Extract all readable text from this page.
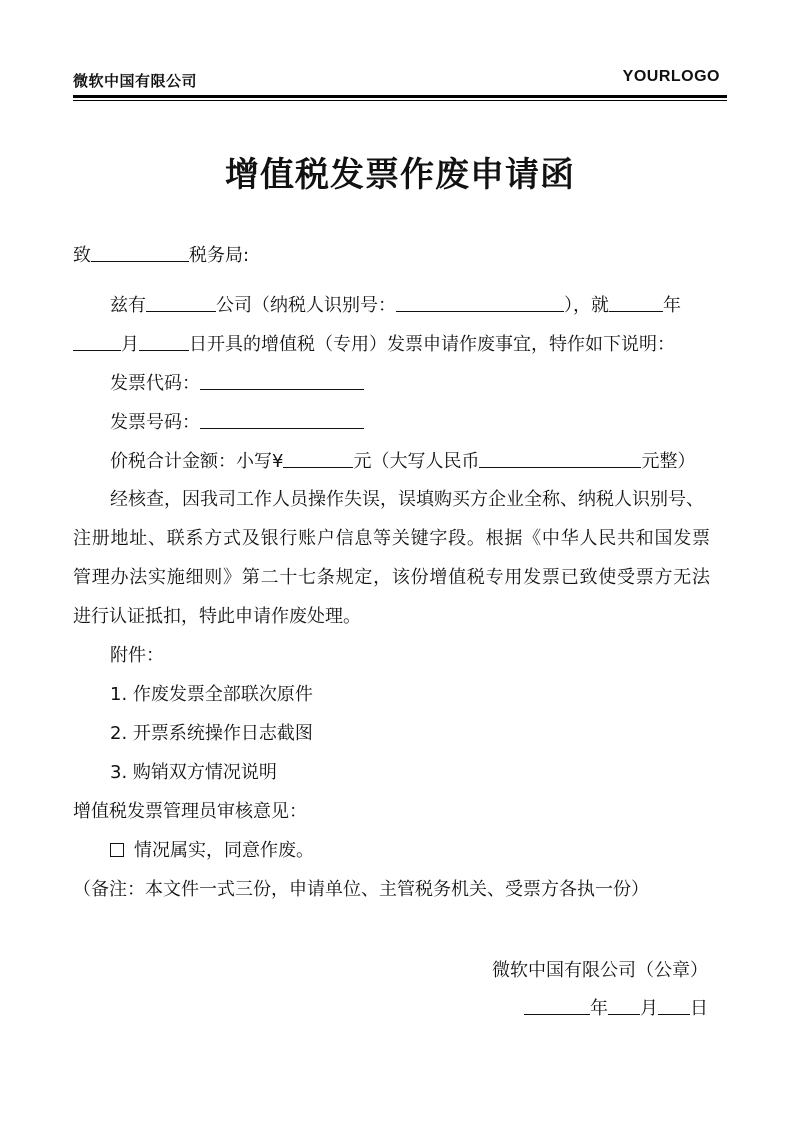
微软中国有限公司	YOURLOGO
增值税发票作废申请函
致	税务局:
兹有	公司（纳税人识别号：	），就	年
月	日开具的增值税（专用）发票申请作废事宜，特作如下说明：
发票代码：
发票号码：
价税合计金额：小写¥	元（大写人民币	元整）
经核查，因我司工作人员操作失误，误填购买方企业全称、纳税人识别号、
注册地址、联系方式及银行账户信息等关键字段。根据《中华人民共和国发票
管理办法实施细则》第二十七条规定，该份增值税专用发票已致使受票方无法
进行认证抵扣，特此申请作废处理。
附件：
1. 作废发票全部联次原件
2. 开票系统操作日志截图
3. 购销双方情况说明
增值税发票管理员审核意见：
情况属实，同意作废。
（备注：本文件一式三份，申请单位、主管税务机关、受票方各执一份）
微软中国有限公司（公章）
年 月 日
